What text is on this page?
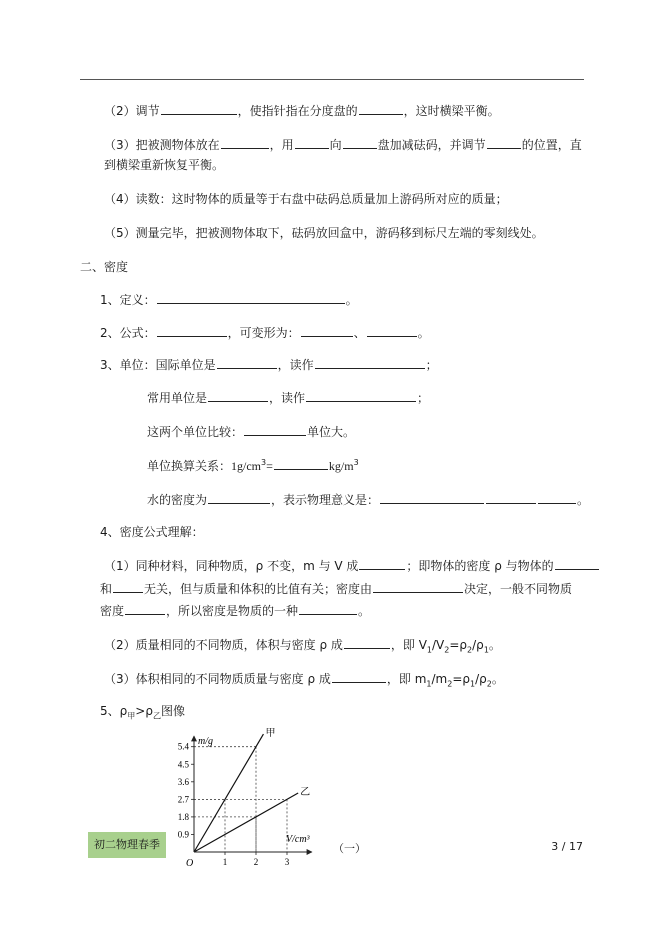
（2）调节	，使指针指在分度盘的	，这时横梁平衡。
（3）把被测物体放在	，用	向	盘加减砝码，并调节	的位置，直
到横梁重新恢复平衡。
（4）读数：这时物体的质量等于右盘中砝码总质量加上游码所对应的质量；
（5）测量完毕，把被测物体取下，砝码放回盒中，游码移到标尺左端的零刻线处。
二、密度
1、定义：	。
2、公式：	，可变形为：	、	。
3、单位：国际单位是	，读作	；
常用单位是	，读作	；
这两个单位比较：	单位大。
单位换算关系：$1g/cm^3=$	$kg/m^3$
水的密度为	，表示物理意义是：	。
4、密度公式理解：
（1）同种材料，同种物质，ρ 不变，m 与 V 成	；即物体的密度 ρ 与物体的
和	无关，但与质量和体积的比值有关；密度由	决定，一般不同物质
密度	，所以密度是物质的一种	。
（2）质量相同的不同物质，体积与密度 ρ 成	，即 $V_1/V_2=\rho_2/\rho_1$。
（3）体积相同的不同物质质量与密度 ρ 成	，即 $m_1/m_2=\rho_1/\rho_2$。
5、$\rho_甲>\rho_乙$图像
甲
乙
0.9
1.8
2.7
3.6
4.5
5.4
1	2	3
m/g
V/cm³
O
初二物理春季	（一）	3 / 17
